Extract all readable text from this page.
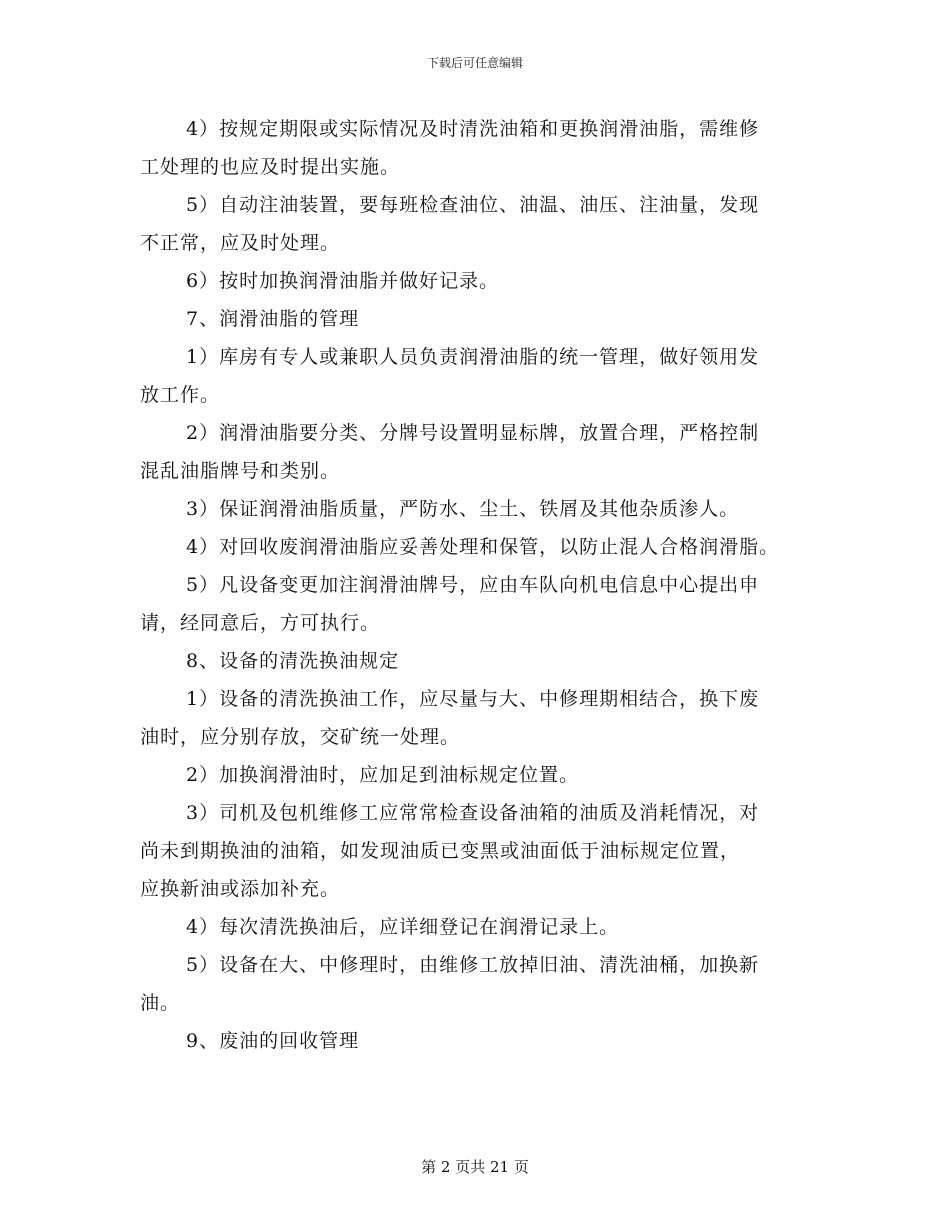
下载后可任意编辑

4）按规定期限或实际情况及时清洗油箱和更换润滑油脂，需维修
工处理的也应及时提出实施。

5）自动注油装置，要每班检查油位、油温、油压、注油量，发现
不正常，应及时处理。

6）按时加换润滑油脂并做好记录。

7、润滑油脂的管理

1）库房有专人或兼职人员负责润滑油脂的统一管理，做好领用发
放工作。

2）润滑油脂要分类、分牌号设置明显标牌，放置合理，严格控制
混乱油脂牌号和类别。

3）保证润滑油脂质量，严防水、尘土、铁屑及其他杂质渗人。

4）对回收废润滑油脂应妥善处理和保管，以防止混人合格润滑脂。

5）凡设备变更加注润滑油牌号，应由车队向机电信息中心提出申
请，经同意后，方可执行。

8、设备的清洗换油规定

1）设备的清洗换油工作，应尽量与大、中修理期相结合，换下废
油时，应分别存放，交矿统一处理。

2）加换润滑油时，应加足到油标规定位置。

3）司机及包机维修工应常常检查设备油箱的油质及消耗情况，对
尚未到期换油的油箱，如发现油质已变黑或油面低于油标规定位置，
应换新油或添加补充。

4）每次清洗换油后，应详细登记在润滑记录上。

5）设备在大、中修理时，由维修工放掉旧油、清洗油桶，加换新
油。

9、废油的回收管理

第 2 页共 21 页
